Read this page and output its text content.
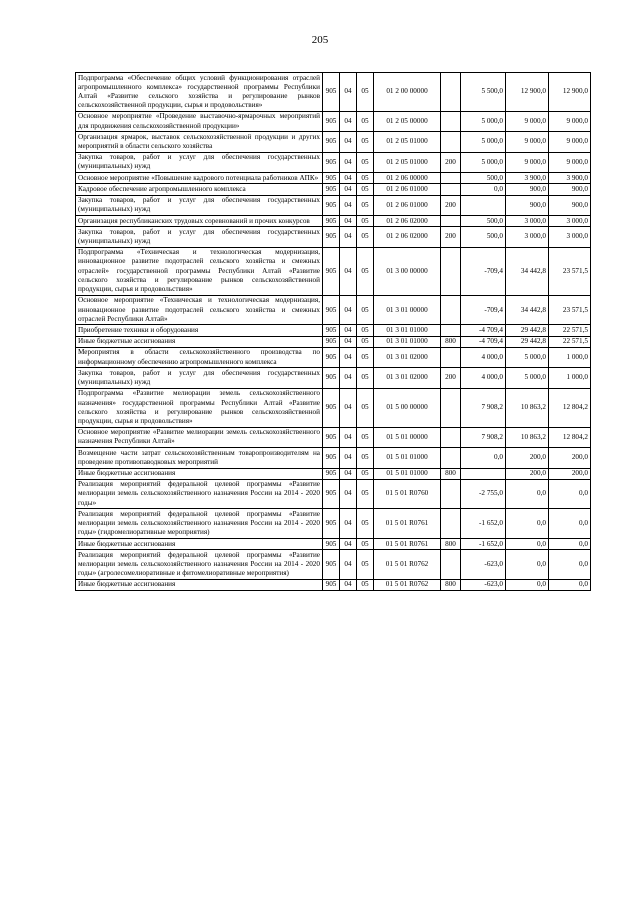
205
Подпрограмма «Обеспечение общих условий функционирования отраслей агропромышленного комплекса» государственной программы Республики Алтай «Развитие сельского хозяйства и регулирование рынков сельскохозяйственной продукции, сырья и продовольствия»	905	04	05	01 2 00 00000		5 500,0	12 900,0	12 900,0
Основное мероприятие «Проведение выставочно-ярмарочных мероприятий для продвижения сельскохозяйственной продукции»	905	04	05	01 2 05 00000		5 000,0	9 000,0	9 000,0
Организация ярмарок, выставок сельскохозяйственной продукции и других мероприятий в области сельского хозяйства	905	04	05	01 2 05 01000		5 000,0	9 000,0	9 000,0
Закупка товаров, работ и услуг для обеспечения государственных (муниципальных) нужд	905	04	05	01 2 05 01000	200	5 000,0	9 000,0	9 000,0
Основное мероприятие «Повышение кадрового потенциала работников АПК»	905	04	05	01 2 06 00000		500,0	3 900,0	3 900,0
Кадровое обеспечение агропромышленного комплекса	905	04	05	01 2 06 01000		0,0	900,0	900,0
Закупка товаров, работ и услуг для обеспечения государственных (муниципальных) нужд	905	04	05	01 2 06 01000	200		900,0	900,0
Организация республиканских трудовых соревнований и прочих конкурсов	905	04	05	01 2 06 02000		500,0	3 000,0	3 000,0
Закупка товаров, работ и услуг для обеспечения государственных (муниципальных) нужд	905	04	05	01 2 06 02000	200	500,0	3 000,0	3 000,0
Подпрограмма «Техническая и технологическая модернизация, инновационное развитие подотраслей сельского хозяйства и смежных отраслей» государственной программы Республики Алтай «Развитие сельского хозяйства и регулирование рынков сельскохозяйственной продукции, сырья и продовольствия»	905	04	05	01 3 00 00000		-709,4	34 442,8	23 571,5
Основное мероприятие «Техническая и технологическая модернизация, инновационное развитие подотраслей сельского хозяйства и смежных отраслей Республики Алтай»	905	04	05	01 3 01 00000		-709,4	34 442,8	23 571,5
Приобретение техники и оборудования	905	04	05	01 3 01 01000		-4 709,4	29 442,8	22 571,5
Иные бюджетные ассигнования	905	04	05	01 3 01 01000	800	-4 709,4	29 442,8	22 571,5
Мероприятия в области сельскохозяйственного производства по информационному обеспечению агропромышленного комплекса	905	04	05	01 3 01 02000		4 000,0	5 000,0	1 000,0
Закупка товаров, работ и услуг для обеспечения государственных (муниципальных) нужд	905	04	05	01 3 01 02000	200	4 000,0	5 000,0	1 000,0
Подпрограмма «Развитие мелиорации земель сельскохозяйственного назначения» государственной программы Республики Алтай «Развитие сельского хозяйства и регулирование рынков сельскохозяйственной продукции, сырья и продовольствия»	905	04	05	01 5 00 00000		7 908,2	10 863,2	12 804,2
Основное мероприятие «Развитие мелиорации земель сельскохозяйственного назначения Республики Алтай»	905	04	05	01 5 01 00000		7 908,2	10 863,2	12 804,2
Возмещение части затрат сельскохозяйственным товаропроизводителям на проведение противопаводковых мероприятий	905	04	05	01 5 01 01000		0,0	200,0	200,0
Иные бюджетные ассигнования	905	04	05	01 5 01 01000	800		200,0	200,0
Реализация мероприятий федеральной целевой программы «Развитие мелиорации земель сельскохозяйственного назначения России на 2014 - 2020 годы»	905	04	05	01 5 01 R0760		-2 755,0	0,0	0,0
Реализация мероприятий федеральной целевой программы «Развитие мелиорации земель сельскохозяйственного назначения России на 2014 - 2020 годы» (гидромелиоративные мероприятия)	905	04	05	01 5 01 R0761		-1 652,0	0,0	0,0
Иные бюджетные ассигнования	905	04	05	01 5 01 R0761	800	-1 652,0	0,0	0,0
Реализация мероприятий федеральной целевой программы «Развитие мелиорации земель сельскохозяйственного назначения России на 2014 - 2020 годы» (агролесомелиоративные и фитомелиоративные мероприятия)	905	04	05	01 5 01 R0762		-623,0	0,0	0,0
Иные бюджетные ассигнования	905	04	05	01 5 01 R0762	800	-623,0	0,0	0,0
